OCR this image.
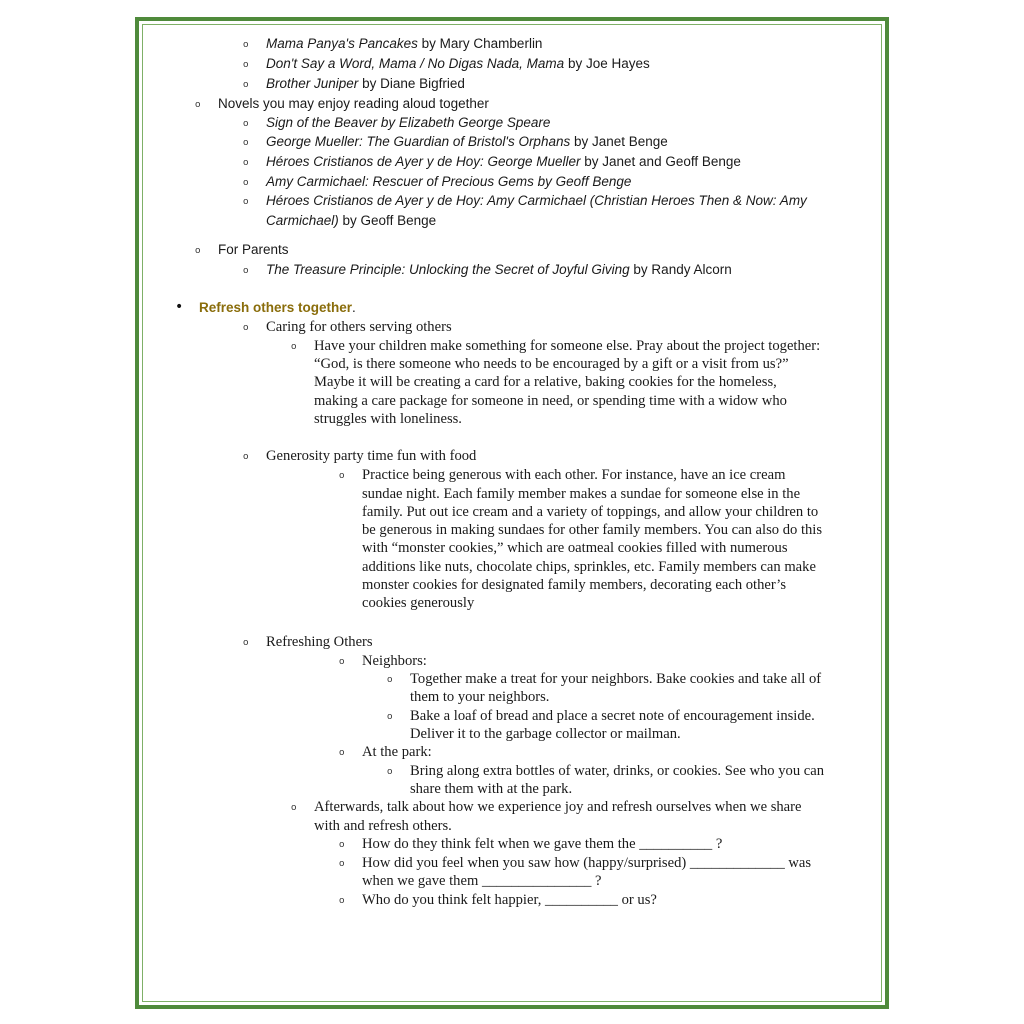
o Mama Panya's Pancakes by Mary Chamberlin
o Don't Say a Word, Mama / No Digas Nada, Mama by Joe Hayes
o Brother Juniper by Diane Bigfried
o Novels you may enjoy reading aloud together
o Sign of the Beaver by Elizabeth George Speare
o George Mueller: The Guardian of Bristol's Orphans by Janet Benge
o Héroes Cristianos de Ayer y de Hoy: George Mueller by Janet and Geoff Benge
o Amy Carmichael: Rescuer of Precious Gems by Geoff Benge
o Héroes Cristianos de Ayer y de Hoy: Amy Carmichael (Christian Heroes Then & Now: Amy
Carmichael) by Geoff Benge
o For Parents
o The Treasure Principle: Unlocking the Secret of Joyful Giving by Randy Alcorn
• Refresh others together.
o Caring for others serving others
o Have your children make something for someone else. Pray about the project together:
“God, is there someone who needs to be encouraged by a gift or a visit from us?”
Maybe it will be creating a card for a relative, baking cookies for the homeless,
making a care package for someone in need, or spending time with a widow who
struggles with loneliness.
o Generosity party time fun with food
o Practice being generous with each other. For instance, have an ice cream
sundae night. Each family member makes a sundae for someone else in the
family. Put out ice cream and a variety of toppings, and allow your children to
be generous in making sundaes for other family members. You can also do this
with “monster cookies,” which are oatmeal cookies filled with numerous
additions like nuts, chocolate chips, sprinkles, etc. Family members can make
monster cookies for designated family members, decorating each other’s
cookies generously
o Refreshing Others
o Neighbors:
o Together make a treat for your neighbors. Bake cookies and take all of
them to your neighbors.
o Bake a loaf of bread and place a secret note of encouragement inside.
Deliver it to the garbage collector or mailman.
o At the park:
o Bring along extra bottles of water, drinks, or cookies. See who you can
share them with at the park.
o Afterwards, talk about how we experience joy and refresh ourselves when we share
with and refresh others.
o How do they think felt when we gave them the __________ ?
o How did you feel when you saw how (happy/surprised) _____________ was
when we gave them _______________ ?
o Who do you think felt happier, __________ or us?
